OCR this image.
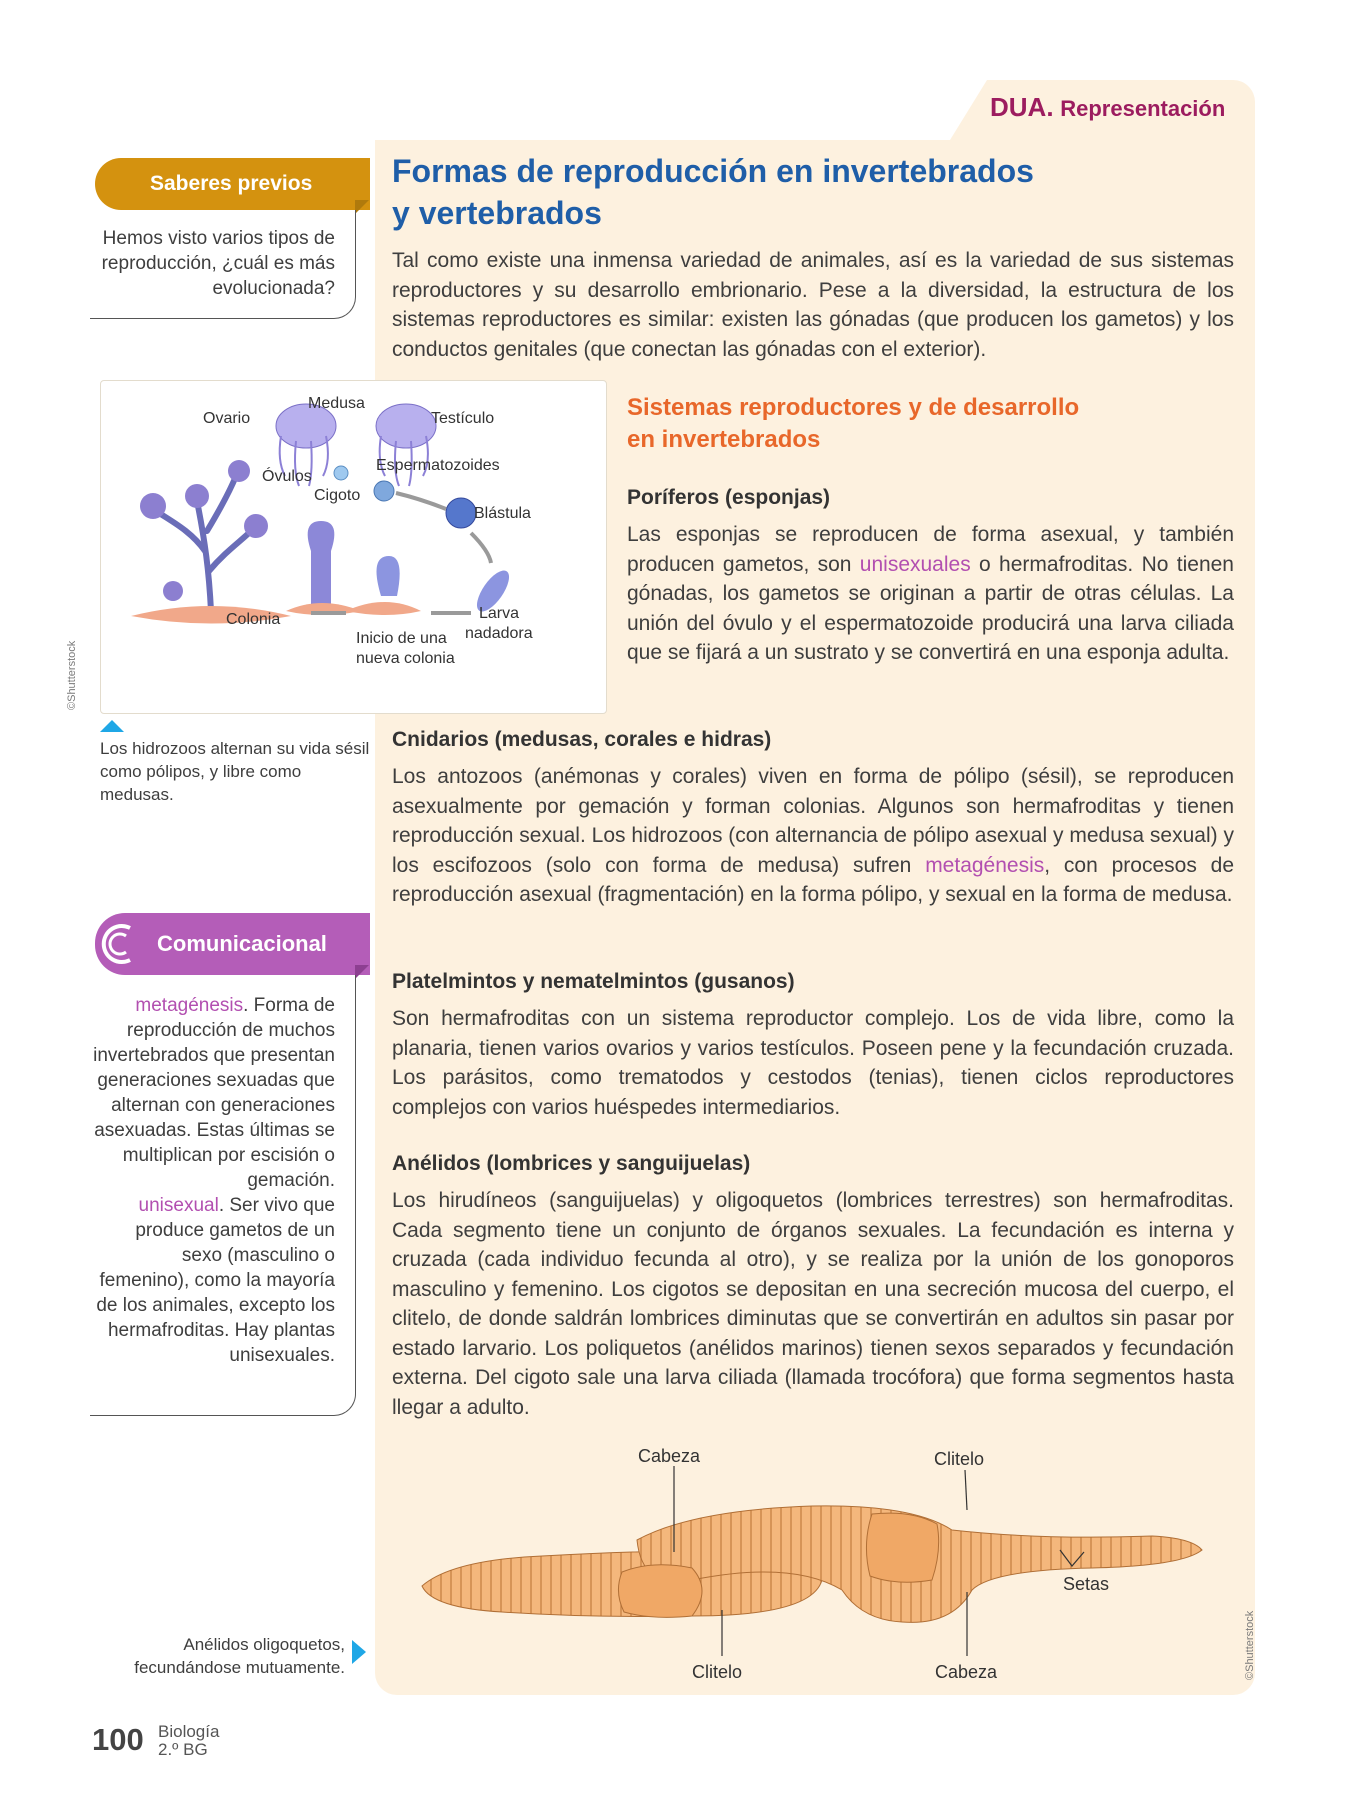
DUA. Representación
Formas de reproducción en invertebrados
y vertebrados
Tal como existe una inmensa variedad de animales, así es la variedad de sus sistemas reproductores y su desarrollo embrionario. Pese a la diversidad, la estructura de los sistemas reproductores es similar: existen las gónadas (que producen los gametos) y los conductos genitales (que conectan las gónadas con el exterior).
Saberes previos
Hemos visto varios tipos de reproducción, ¿cuál es más evolucionada?
Medusa
Ovario	Testículo
Óvulos
Espermatozoides
Cigoto
Blástula
Colonia	Larva
nadadora
Inicio de una
nueva colonia
©Shutterstock
Los hidrozoos alternan su vida sésil como pólipos, y libre como medusas.
Sistemas reproductores y de desarrollo
en invertebrados
Poríferos (esponjas)
Las esponjas se reproducen de forma asexual, y también producen gametos, son unisexuales o hermafroditas. No tienen gónadas, los gametos se originan a partir de otras células. La unión del óvulo y el espermatozoide producirá una larva ciliada que se fijará a un sustrato y se convertirá en una esponja adulta.
Cnidarios (medusas, corales e hidras)
Los antozoos (anémonas y corales) viven en forma de pólipo (sésil), se reproducen asexualmente por gemación y forman colonias. Algunos son hermafroditas y tienen reproducción sexual. Los hidrozoos (con alternancia de pólipo asexual y medusa sexual) y los escifozoos (solo con forma de medusa) sufren metagénesis, con procesos de reproducción asexual (fragmentación) en la forma pólipo, y sexual en la forma de medusa.
Platelmintos y nematelmintos (gusanos)
Son hermafroditas con un sistema reproductor complejo. Los de vida libre, como la planaria, tienen varios ovarios y varios testículos. Poseen pene y la fecundación cruzada. Los parásitos, como trematodos y cestodos (tenias), tienen ciclos reproductores complejos con varios huéspedes intermediarios.
Anélidos (lombrices y sanguijuelas)
Los hirudíneos (sanguijuelas) y oligoquetos (lombrices terrestres) son hermafroditas. Cada segmento tiene un conjunto de órganos sexuales. La fecundación es interna y cruzada (cada individuo fecunda al otro), y se realiza por la unión de los gonoporos masculino y femenino. Los cigotos se depositan en una secreción mucosa del cuerpo, el clitelo, de donde saldrán lombrices diminutas que se convertirán en adultos sin pasar por estado larvario. Los poliquetos (anélidos marinos) tienen sexos separados y fecundación externa. Del cigoto sale una larva ciliada (llamada trocófora) que forma segmentos hasta llegar a adulto.
Comunicacional
metagénesis. Forma de reproducción de muchos invertebrados que presentan generaciones sexuadas que alternan con generaciones asexuadas. Estas últimas se multiplican por escisión o gemación.
unisexual. Ser vivo que produce gametos de un sexo (masculino o femenino), como la mayoría de los animales, excepto los hermafroditas. Hay plantas unisexuales.
Cabeza	Clitelo
Setas
Clitelo	Cabeza	©Shutterstock
Anélidos oligoquetos, fecundándose mutuamente.
100 Biología
2.º BG
